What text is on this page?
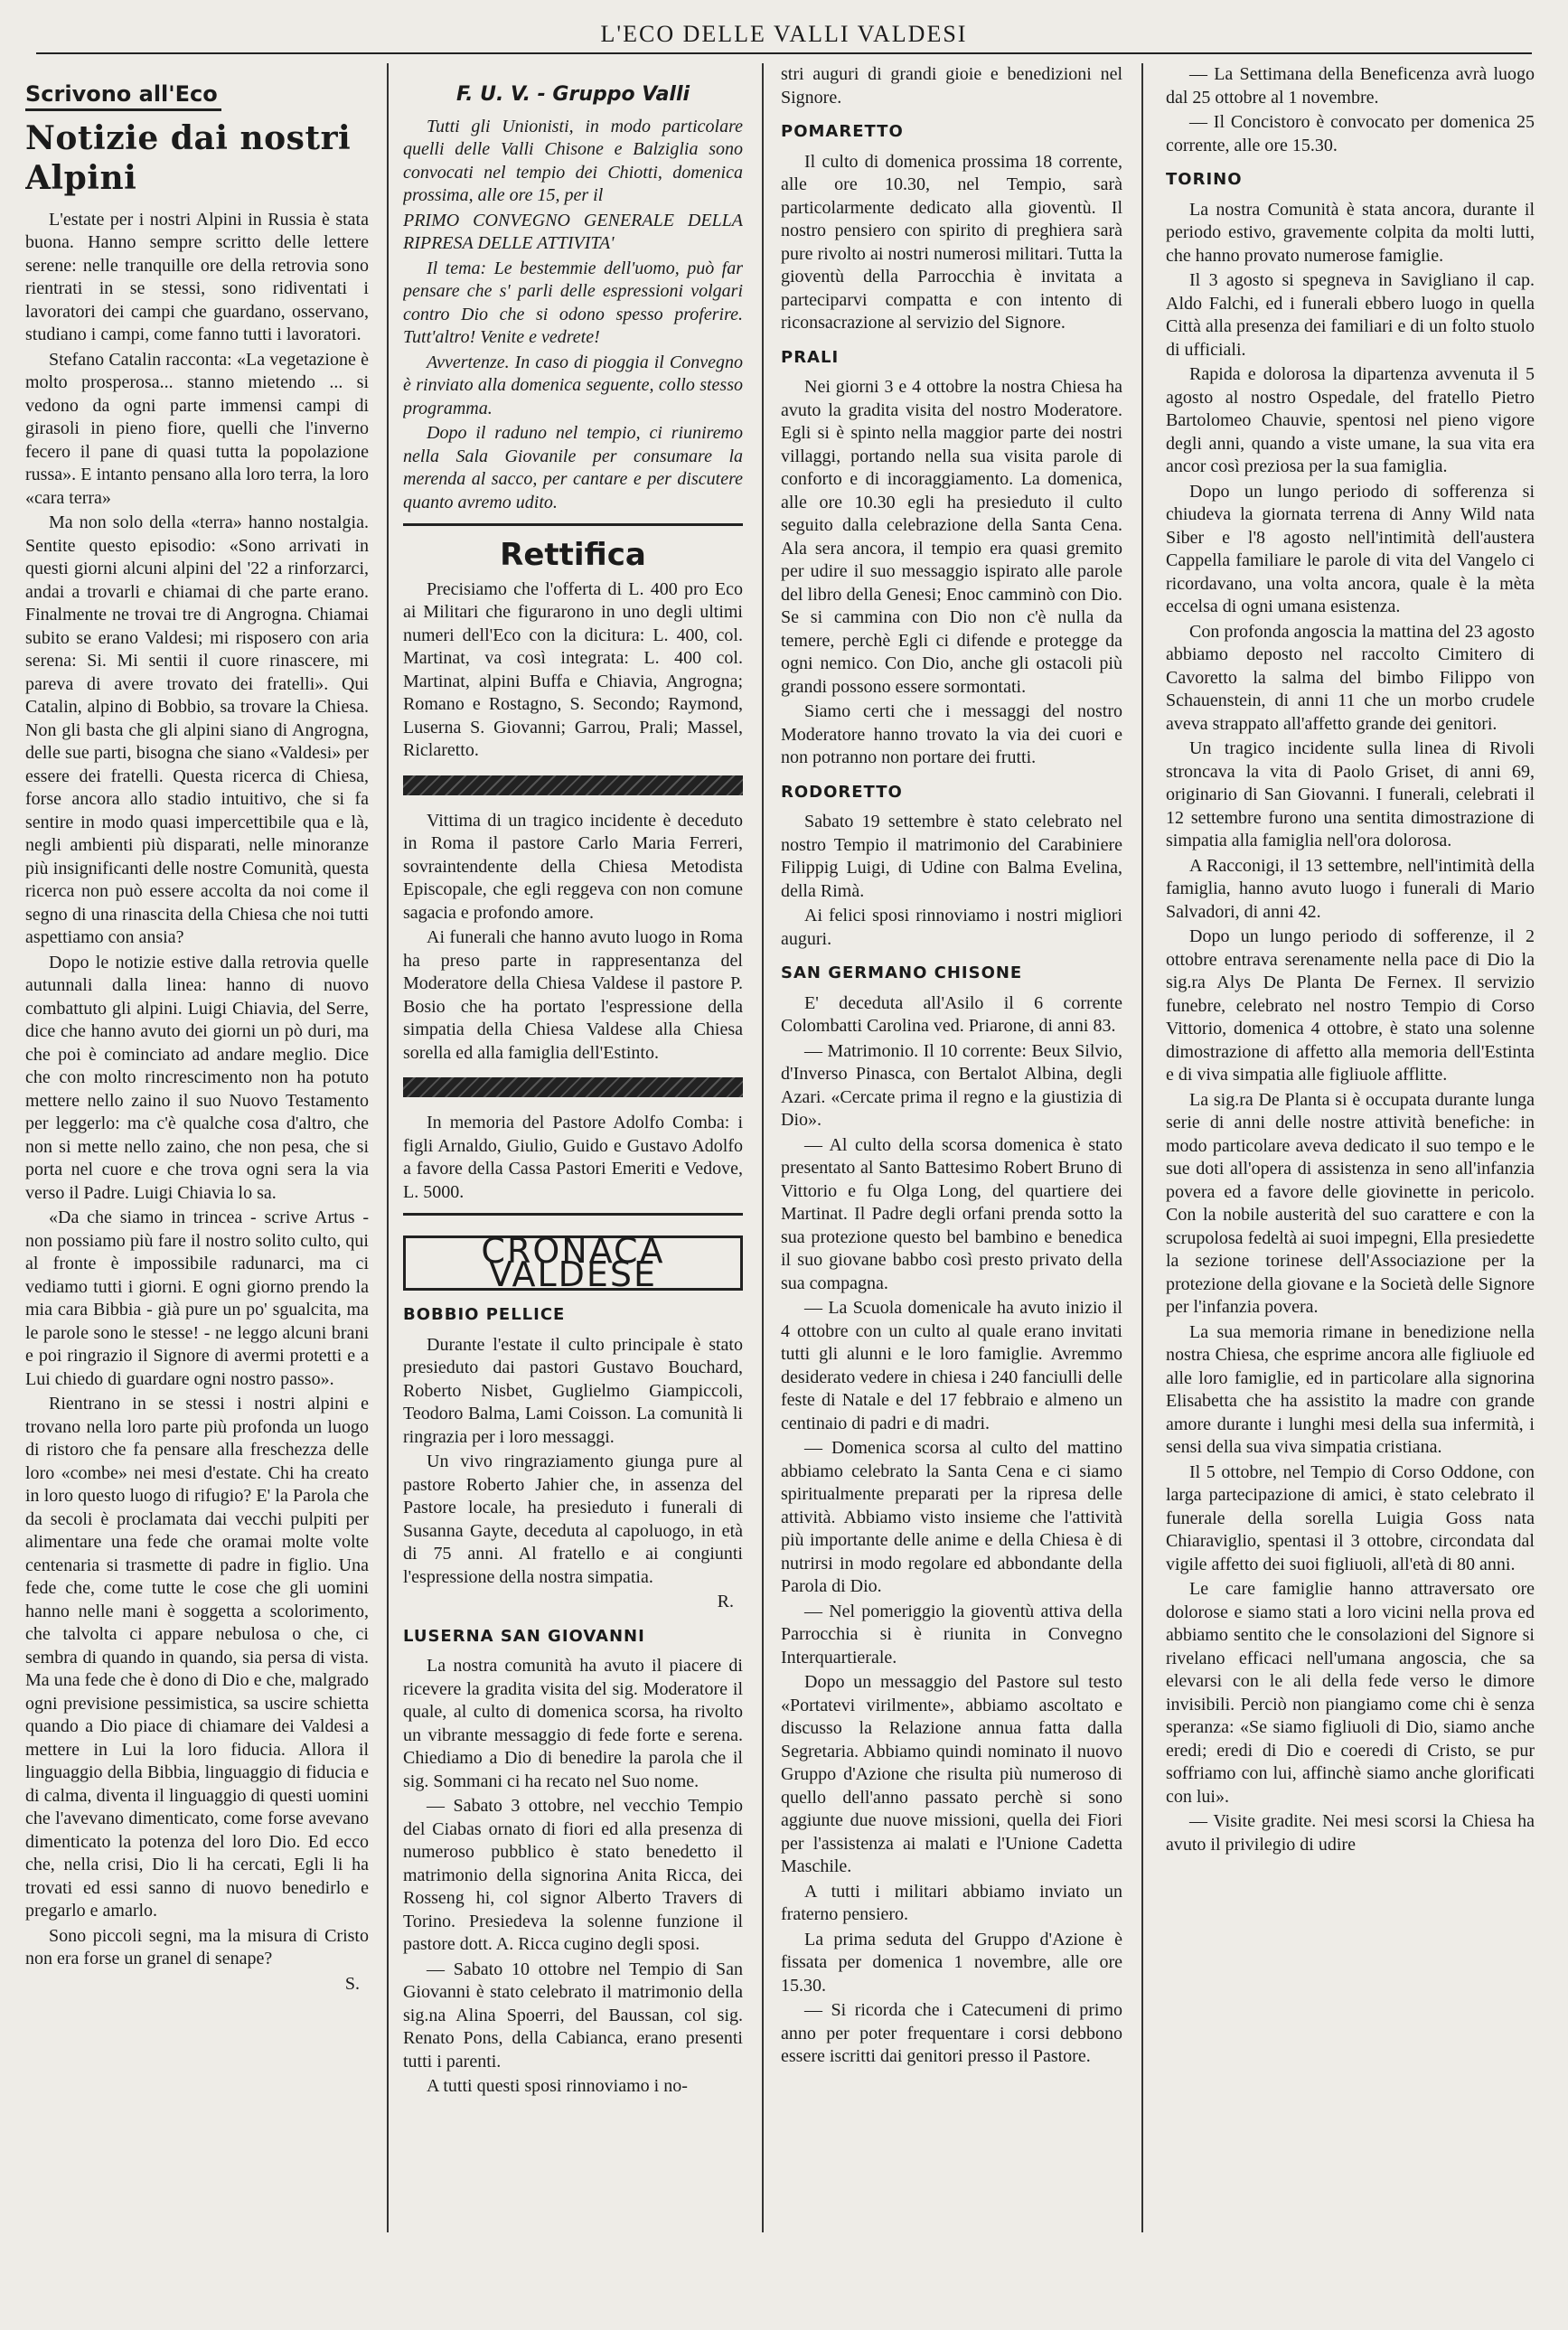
L'ECO DELLE VALLI VALDESI
Scrivono all'Eco
Notizie dai nostri Alpini

L'estate per i nostri Alpini in Russia è stata buona. Hanno sempre scritto delle lettere serene: nelle tranquille ore della retrovia sono rientrati in se stessi, sono ridiventati i lavoratori dei campi che guardano, osservano, studiano i campi, come fanno tutti i lavoratori.

Stefano Catalin racconta: «La vegetazione è molto prosperosa... stanno mietendo ... si vedono da ogni parte immensi campi di girasoli in pieno fiore, quelli che l'inverno fecero il pane di quasi tutta la popolazione russa». E intanto pensano alla loro terra, la loro «cara terra»

Ma non solo della «terra» hanno nostalgia. Sentite questo episodio: «Sono arrivati in questi giorni alcuni alpini del '22 a rinforzarci, andai a trovarli e chiamai di che parte erano. Finalmente ne trovai tre di Angrogna. Chiamai subito se erano Valdesi; mi risposero con aria serena: Si. Mi sentii il cuore rinascere, mi pareva di avere trovato dei fratelli». Qui Catalin, alpino di Bobbio, sa trovare la Chiesa. Non gli basta che gli alpini siano di Angrogna, delle sue parti, bisogna che siano «Valdesi» per essere dei fratelli. Questa ricerca di Chiesa, forse ancora allo stadio intuitivo, che si fa sentire in modo quasi impercettibile qua e là, negli ambienti più disparati, nelle minoranze più insignificanti delle nostre Comunità, questa ricerca non può essere accolta da noi come il segno di una rinascita della Chiesa che noi tutti aspettiamo con ansia?

Dopo le notizie estive dalla retrovia quelle autunnali dalla linea: hanno di nuovo combattuto gli alpini. Luigi Chiavia, del Serre, dice che hanno avuto dei giorni un pò duri, ma che poi è cominciato ad andare meglio. Dice che con molto rincrescimento non ha potuto mettere nello zaino il suo Nuovo Testamento per leggerlo: ma c'è qualche cosa d'altro, che non si mette nello zaino, che non pesa, che si porta nel cuore e che trova ogni sera la via verso il Padre. Luigi Chiavia lo sa.

«Da che siamo in trincea - scrive Artus - non possiamo più fare il nostro solito culto, qui al fronte è impossibile radunarci, ma ci vediamo tutti i giorni. E ogni giorno prendo la mia cara Bibbia - già pure un po' sgualcita, ma le parole sono le stesse! - ne leggo alcuni brani e poi ringrazio il Signore di avermi protetti e a Lui chiedo di guardare ogni nostro passo».

Rientrano in se stessi i nostri alpini e trovano nella loro parte più profonda un luogo di ristoro che fa pensare alla freschezza delle loro «combe» nei mesi d'estate. Chi ha creato in loro questo luogo di rifugio? E' la Parola che da secoli è proclamata dai vecchi pulpiti per alimentare una fede che oramai molte volte centenaria si trasmette di padre in figlio. Una fede che, come tutte le cose che gli uomini hanno nelle mani è soggetta a scolorimento, che talvolta ci appare nebulosa o che, ci sembra di quando in quando, sia persa di vista. Ma una fede che è dono di Dio e che, malgrado ogni previsione pessimistica, sa uscire schietta quando a Dio piace di chiamare dei Valdesi a mettere in Lui la loro fiducia. Allora il linguaggio della Bibbia, linguaggio di fiducia e di calma, diventa il linguaggio di questi uomini che l'avevano dimenticato, come forse avevano dimenticato la potenza del loro Dio. Ed ecco che, nella crisi, Dio li ha cercati, Egli li ha trovati ed essi sanno di nuovo benedirlo e pregarlo e amarlo.

Sono piccoli segni, ma la misura di Cristo non era forse un granel di senape?

S.

F. U. V. - Gruppo Valli

Tutti gli Unionisti, in modo particolare quelli delle Valli Chisone e Balziglia sono convocati nel tempio dei Chiotti, domenica prossima, alle ore 15, per il

PRIMO CONVEGNO GENERALE DELLA RIPRESA DELLE ATTIVITA'

Il tema: Le bestemmie dell'uomo, può far pensare che s' parli delle espressioni volgari contro Dio che si odono spesso proferire. Tutt'altro! Venite e vedrete!

Avvertenze. In caso di pioggia il Convegno è rinviato alla domenica seguente, collo stesso programma.

Dopo il raduno nel tempio, ci riuniremo nella Sala Giovanile per consumare la merenda al sacco, per cantare e per discutere quanto avremo udito.

Rettifica

Precisiamo che l'offerta di L. 400 pro Eco ai Militari che figurarono in uno degli ultimi numeri dell'Eco con la dicitura: L. 400, col. Martinat, va così integrata: L. 400 col. Martinat, alpini Buffa e Chiavia, Angrogna; Romano e Rostagno, S. Secondo; Raymond, Luserna S. Giovanni; Garrou, Prali; Massel, Riclaretto.

Vittima di un tragico incidente è deceduto in Roma il pastore Carlo Maria Ferreri, sovraintendente della Chiesa Metodista Episcopale, che egli reggeva con non comune sagacia e profondo amore.

Ai funerali che hanno avuto luogo in Roma ha preso parte in rappresentanza del Moderatore della Chiesa Valdese il pastore P. Bosio che ha portato l'espressione della simpatia della Chiesa Valdese alla Chiesa sorella ed alla famiglia dell'Estinto.

In memoria del Pastore Adolfo Comba: i figli Arnaldo, Giulio, Guido e Gustavo Adolfo a favore della Cassa Pastori Emeriti e Vedove, L. 5000.

CRONACA VALDESE
BOBBIO PELLICE

Durante l'estate il culto principale è stato presieduto dai pastori Gustavo Bouchard, Roberto Nisbet, Guglielmo Giampiccoli, Teodoro Balma, Lami Coisson. La comunità li ringrazia per i loro messaggi.

Un vivo ringraziamento giunga pure al pastore Roberto Jahier che, in assenza del Pastore locale, ha presieduto i funerali di Susanna Gayte, deceduta al capoluogo, in età di 75 anni. Al fratello e ai congiunti l'espressione della nostra simpatia.

R.

LUSERNA SAN GIOVANNI

La nostra comunità ha avuto il piacere di ricevere la gradita visita del sig. Moderatore il quale, al culto di domenica scorsa, ha rivolto un vibrante messaggio di fede forte e serena. Chiediamo a Dio di benedire la parola che il sig. Sommani ci ha recato nel Suo nome.

— Sabato 3 ottobre, nel vecchio Tempio del Ciabas ornato di fiori ed alla presenza di numeroso pubblico è stato benedetto il matrimonio della signorina Anita Ricca, dei Rosseng hi, col signor Alberto Travers di Torino. Presiedeva la solenne funzione il pastore dott. A. Ricca cugino degli sposi.

— Sabato 10 ottobre nel Tempio di San Giovanni è stato celebrato il matrimonio della sig.na Alina Spoerri, del Baussan, col sig. Renato Pons, della Cabianca, erano presenti tutti i parenti.

A tutti questi sposi rinnoviamo i no-

stri auguri di grandi gioie e benedizioni nel Signore.

POMARETTO

Il culto di domenica prossima 18 corrente, alle ore 10.30, nel Tempio, sarà particolarmente dedicato alla gioventù. Il nostro pensiero con spirito di preghiera sarà pure rivolto ai nostri numerosi militari. Tutta la gioventù della Parrocchia è invitata a parteciparvi compatta e con intento di riconsacrazione al servizio del Signore.

PRALI

Nei giorni 3 e 4 ottobre la nostra Chiesa ha avuto la gradita visita del nostro Moderatore. Egli si è spinto nella maggior parte dei nostri villaggi, portando nella sua visita parole di conforto e di incoraggiamento. La domenica, alle ore 10.30 egli ha presieduto il culto seguito dalla celebrazione della Santa Cena. Ala sera ancora, il tempio era quasi gremito per udire il suo messaggio ispirato alle parole del libro della Genesi; Enoc camminò con Dio. Se si cammina con Dio non c'è nulla da temere, perchè Egli ci difende e protegge da ogni nemico. Con Dio, anche gli ostacoli più grandi possono essere sormontati.

Siamo certi che i messaggi del nostro Moderatore hanno trovato la via dei cuori e non potranno non portare dei frutti.

RODORETTO

Sabato 19 settembre è stato celebrato nel nostro Tempio il matrimonio del Carabiniere Filippig Luigi, di Udine con Balma Evelina, della Rimà.

Ai felici sposi rinnoviamo i nostri migliori auguri.

SAN GERMANO CHISONE

E' deceduta all'Asilo il 6 corrente Colombatti Carolina ved. Priarone, di anni 83.

— Matrimonio. Il 10 corrente: Beux Silvio, d'Inverso Pinasca, con Bertalot Albina, degli Azari. «Cercate prima il regno e la giustizia di Dio».

— Al culto della scorsa domenica è stato presentato al Santo Battesimo Robert Bruno di Vittorio e fu Olga Long, del quartiere dei Martinat. Il Padre degli orfani prenda sotto la sua protezione questo bel bambino e benedica il suo giovane babbo così presto privato della sua compagna.

— La Scuola domenicale ha avuto inizio il 4 ottobre con un culto al quale erano invitati tutti gli alunni e le loro famiglie. Avremmo desiderato vedere in chiesa i 240 fanciulli delle feste di Natale e del 17 febbraio e almeno un centinaio di padri e di madri.

— Domenica scorsa al culto del mattino abbiamo celebrato la Santa Cena e ci siamo spiritualmente preparati per la ripresa delle attività. Abbiamo visto insieme che l'attività più importante delle anime e della Chiesa è di nutrirsi in modo regolare ed abbondante della Parola di Dio.

— Nel pomeriggio la gioventù attiva della Parrocchia si è riunita in Convegno Interquartierale.

Dopo un messaggio del Pastore sul testo «Portatevi virilmente», abbiamo ascoltato e discusso la Relazione annua fatta dalla Segretaria. Abbiamo quindi nominato il nuovo Gruppo d'Azione che risulta più numeroso di quello dell'anno passato perchè si sono aggiunte due nuove missioni, quella dei Fiori per l'assistenza ai malati e l'Unione Cadetta Maschile.

A tutti i militari abbiamo inviato un fraterno pensiero.

La prima seduta del Gruppo d'Azione è fissata per domenica 1 novembre, alle ore 15.30.

— Si ricorda che i Catecumeni di primo anno per poter frequentare i corsi debbono essere iscritti dai genitori presso il Pastore.

— La Settimana della Beneficenza avrà luogo dal 25 ottobre al 1 novembre.

— Il Concistoro è convocato per domenica 25 corrente, alle ore 15.30.

TORINO

La nostra Comunità è stata ancora, durante il periodo estivo, gravemente colpita da molti lutti, che hanno provato numerose famiglie.

Il 3 agosto si spegneva in Savigliano il cap. Aldo Falchi, ed i funerali ebbero luogo in quella Città alla presenza dei familiari e di un folto stuolo di ufficiali.

Rapida e dolorosa la dipartenza avvenuta il 5 agosto al nostro Ospedale, del fratello Pietro Bartolomeo Chauvie, spentosi nel pieno vigore degli anni, quando a viste umane, la sua vita era ancor così preziosa per la sua famiglia.

Dopo un lungo periodo di sofferenza si chiudeva la giornata terrena di Anny Wild nata Siber e l'8 agosto nell'intimità dell'austera Cappella familiare le parole di vita del Vangelo ci ricordavano, una volta ancora, quale è la mèta eccelsa di ogni umana esistenza.

Con profonda angoscia la mattina del 23 agosto abbiamo deposto nel raccolto Cimitero di Cavoretto la salma del bimbo Filippo von Schauenstein, di anni 11 che un morbo crudele aveva strappato all'affetto grande dei genitori.

Un tragico incidente sulla linea di Rivoli stroncava la vita di Paolo Griset, di anni 69, originario di San Giovanni. I funerali, celebrati il 12 settembre furono una sentita dimostrazione di simpatia alla famiglia nell'ora dolorosa.

A Racconigi, il 13 settembre, nell'intimità della famiglia, hanno avuto luogo i funerali di Mario Salvadori, di anni 42.

Dopo un lungo periodo di sofferenze, il 2 ottobre entrava serenamente nella pace di Dio la sig.ra Alys De Planta De Fernex. Il servizio funebre, celebrato nel nostro Tempio di Corso Vittorio, domenica 4 ottobre, è stato una solenne dimostrazione di affetto alla memoria dell'Estinta e di viva simpatia alle figliuole afflitte.

La sig.ra De Planta si è occupata durante lunga serie di anni delle nostre attività benefiche: in modo particolare aveva dedicato il suo tempo e le sue doti all'opera di assistenza in seno all'infanzia povera ed a favore delle giovinette in pericolo. Con la nobile austerità del suo carattere e con la scrupolosa fedeltà ai suoi impegni, Ella presiedette la sezione torinese dell'Associazione per la protezione della giovane e la Società delle Signore per l'infanzia povera.

La sua memoria rimane in benedizione nella nostra Chiesa, che esprime ancora alle figliuole ed alle loro famiglie, ed in particolare alla signorina Elisabetta che ha assistito la madre con grande amore durante i lunghi mesi della sua infermità, i sensi della sua viva simpatia cristiana.

Il 5 ottobre, nel Tempio di Corso Oddone, con larga partecipazione di amici, è stato celebrato il funerale della sorella Luigia Goss nata Chiaraviglio, spentasi il 3 ottobre, circondata dal vigile affetto dei suoi figliuoli, all'età di 80 anni.

Le care famiglie hanno attraversato ore dolorose e siamo stati a loro vicini nella prova ed abbiamo sentito che le consolazioni del Signore si rivelano efficaci nell'umana angoscia, che sa elevarsi con le ali della fede verso le dimore invisibili. Perciò non piangiamo come chi è senza speranza: «Se siamo figliuoli di Dio, siamo anche eredi; eredi di Dio e coeredi di Cristo, se pur soffriamo con lui, affinchè siamo anche glorificati con lui».

— Visite gradite. Nei mesi scorsi la Chiesa ha avuto il privilegio di udire
